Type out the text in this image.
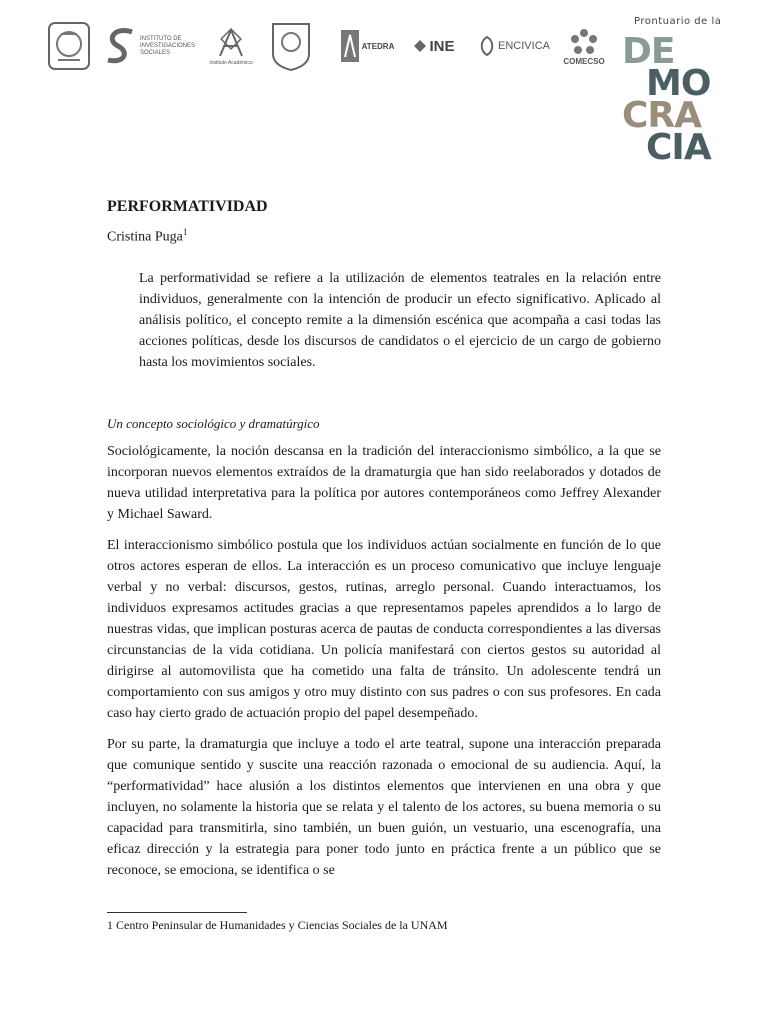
INSTITUTO DE INVESTIGACIONES SOCIALES
Instituto Académico
ATEDRA INE	ENCIVICA
COMECSO
Prontuario de la
DE
MO
CRA
CIA
PERFORMATIVIDAD

Cristina Puga$^1$

La performatividad se refiere a la utilización de elementos teatrales en la relación entre individuos, generalmente con la intención de producir un efecto significativo. Aplicado al análisis político, el concepto remite a la dimensión escénica que acompaña a casi todas las acciones políticas, desde los discursos de candidatos o el ejercicio de un cargo de gobierno hasta los movimientos sociales.

Un concepto sociológico y dramatúrgico

Sociológicamente, la noción descansa en la tradición del interaccionismo simbólico, a la que se incorporan nuevos elementos extraídos de la dramaturgia que han sido reelaborados y dotados de nueva utilidad interpretativa para la política por autores contemporáneos como Jeffrey Alexander y Michael Saward.

El interaccionismo simbólico postula que los individuos actúan socialmente en función de lo que otros actores esperan de ellos. La interacción es un proceso comunicativo que incluye lenguaje verbal y no verbal: discursos, gestos, rutinas, arreglo personal. Cuando interactuamos, los individuos expresamos actitudes gracias a que representamos papeles aprendidos a lo largo de nuestras vidas, que implican posturas acerca de pautas de conducta correspondientes a las diversas circunstancias de la vida cotidiana. Un policía manifestará con ciertos gestos su autoridad al dirigirse al automovilista que ha cometido una falta de tránsito. Un adolescente tendrá un comportamiento con sus amigos y otro muy distinto con sus padres o con sus profesores. En cada caso hay cierto grado de actuación propio del papel desempeñado.

Por su parte, la dramaturgia que incluye a todo el arte teatral, supone una interacción preparada que comunique sentido y suscite una reacción razonada o emocional de su audiencia. Aquí, la “performatividad” hace alusión a los distintos elementos que intervienen en una obra y que incluyen, no solamente la historia que se relata y el talento de los actores, su buena memoria o su capacidad para transmitirla, sino también, un buen guión, un vestuario, una escenografía, una eficaz dirección y la estrategia para poner todo junto en práctica frente a un público que se reconoce, se emociona, se identifica o se

1 Centro Peninsular de Humanidades y Ciencias Sociales de la UNAM
